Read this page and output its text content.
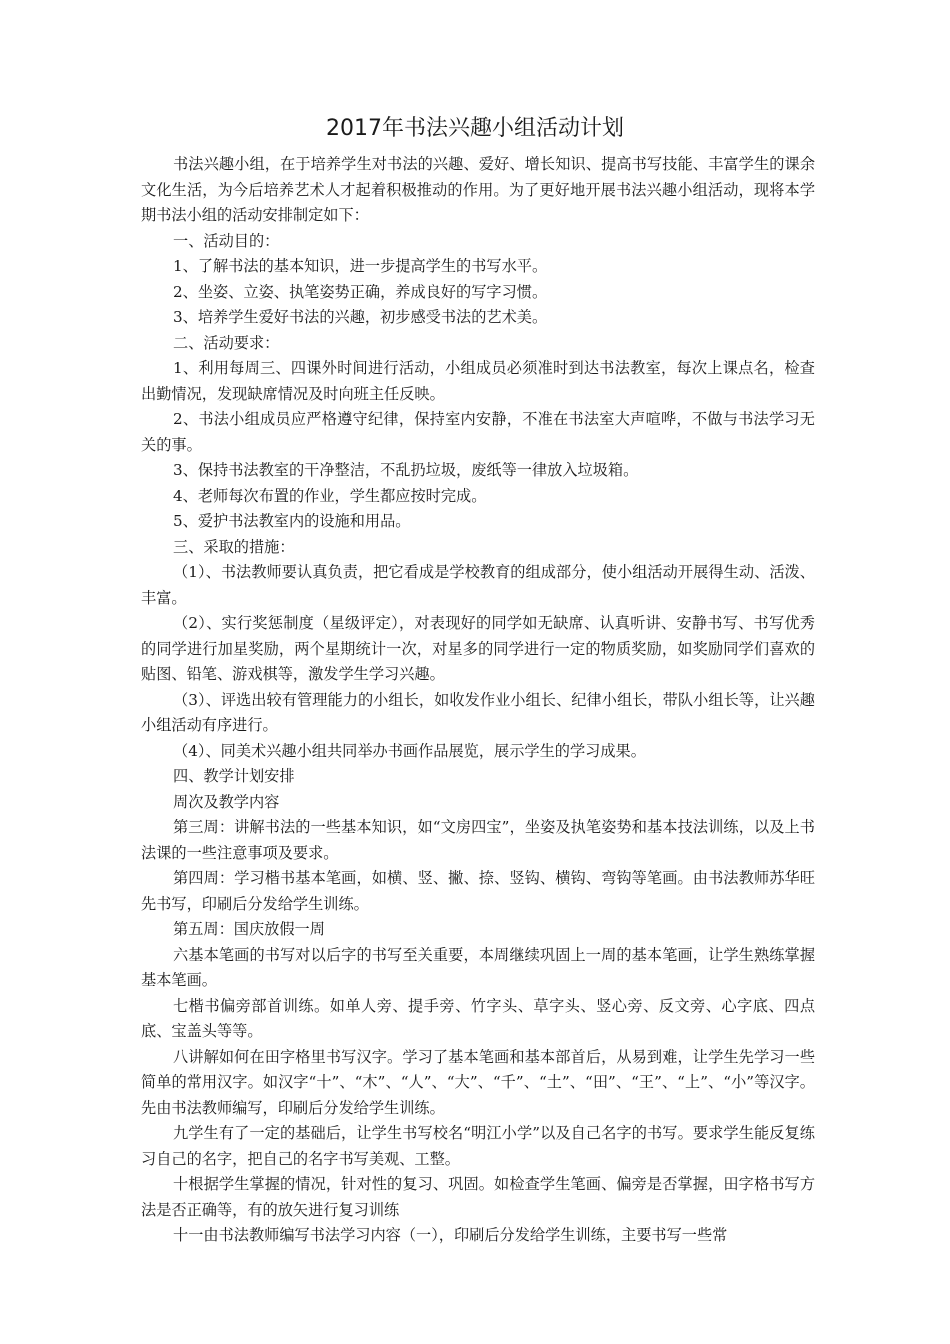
2017年书法兴趣小组活动计划

书法兴趣小组，在于培养学生对书法的兴趣、爱好、增长知识、提高书写技能、丰富学生的课余文化生活，为今后培养艺术人才起着积极推动的作用。为了更好地开展书法兴趣小组活动，现将本学期书法小组的活动安排制定如下：

一、活动目的：

1、了解书法的基本知识，进一步提高学生的书写水平。

2、坐姿、立姿、执笔姿势正确，养成良好的写字习惯。

3、培养学生爱好书法的兴趣，初步感受书法的艺术美。

二、活动要求：

1、利用每周三、四课外时间进行活动，小组成员必须准时到达书法教室，每次上课点名，检查出勤情况，发现缺席情况及时向班主任反映。

2、书法小组成员应严格遵守纪律，保持室内安静，不准在书法室大声喧哗，不做与书法学习无关的事。

3、保持书法教室的干净整洁，不乱扔垃圾，废纸等一律放入垃圾箱。

4、老师每次布置的作业，学生都应按时完成。

5、爱护书法教室内的设施和用品。

三、采取的措施：

（1）、书法教师要认真负责，把它看成是学校教育的组成部分，使小组活动开展得生动、活泼、丰富。

（2）、实行奖惩制度（星级评定），对表现好的同学如无缺席、认真听讲、安静书写、书写优秀的同学进行加星奖励，两个星期统计一次，对星多的同学进行一定的物质奖励，如奖励同学们喜欢的贴图、铅笔、游戏棋等，激发学生学习兴趣。

（3）、评选出较有管理能力的小组长，如收发作业小组长、纪律小组长，带队小组长等，让兴趣小组活动有序进行。

（4）、同美术兴趣小组共同举办书画作品展览，展示学生的学习成果。

四、教学计划安排

周次及教学内容

第三周：讲解书法的一些基本知识，如“文房四宝”，坐姿及执笔姿势和基本技法训练，以及上书法课的一些注意事项及要求。

第四周：学习楷书基本笔画，如横、竖、撇、捺、竖钩、横钩、弯钩等笔画。由书法教师苏华旺先书写，印刷后分发给学生训练。

第五周：国庆放假一周

六基本笔画的书写对以后字的书写至关重要，本周继续巩固上一周的基本笔画，让学生熟练掌握基本笔画。

七楷书偏旁部首训练。如单人旁、提手旁、竹字头、草字头、竖心旁、反文旁、心字底、四点底、宝盖头等等。

八讲解如何在田字格里书写汉字。学习了基本笔画和基本部首后，从易到难，让学生先学习一些简单的常用汉字。如汉字“十”、“木”、“人”、“大”、“千”、“土”、“田”、“王”、“上”、“小”等汉字。先由书法教师编写，印刷后分发给学生训练。

九学生有了一定的基础后，让学生书写校名“明江小学”以及自己名字的书写。要求学生能反复练习自己的名字，把自己的名字书写美观、工整。

十根据学生掌握的情况，针对性的复习、巩固。如检查学生笔画、偏旁是否掌握，田字格书写方法是否正确等，有的放矢进行复习训练

十一由书法教师编写书法学习内容（一），印刷后分发给学生训练，主要书写一些常
